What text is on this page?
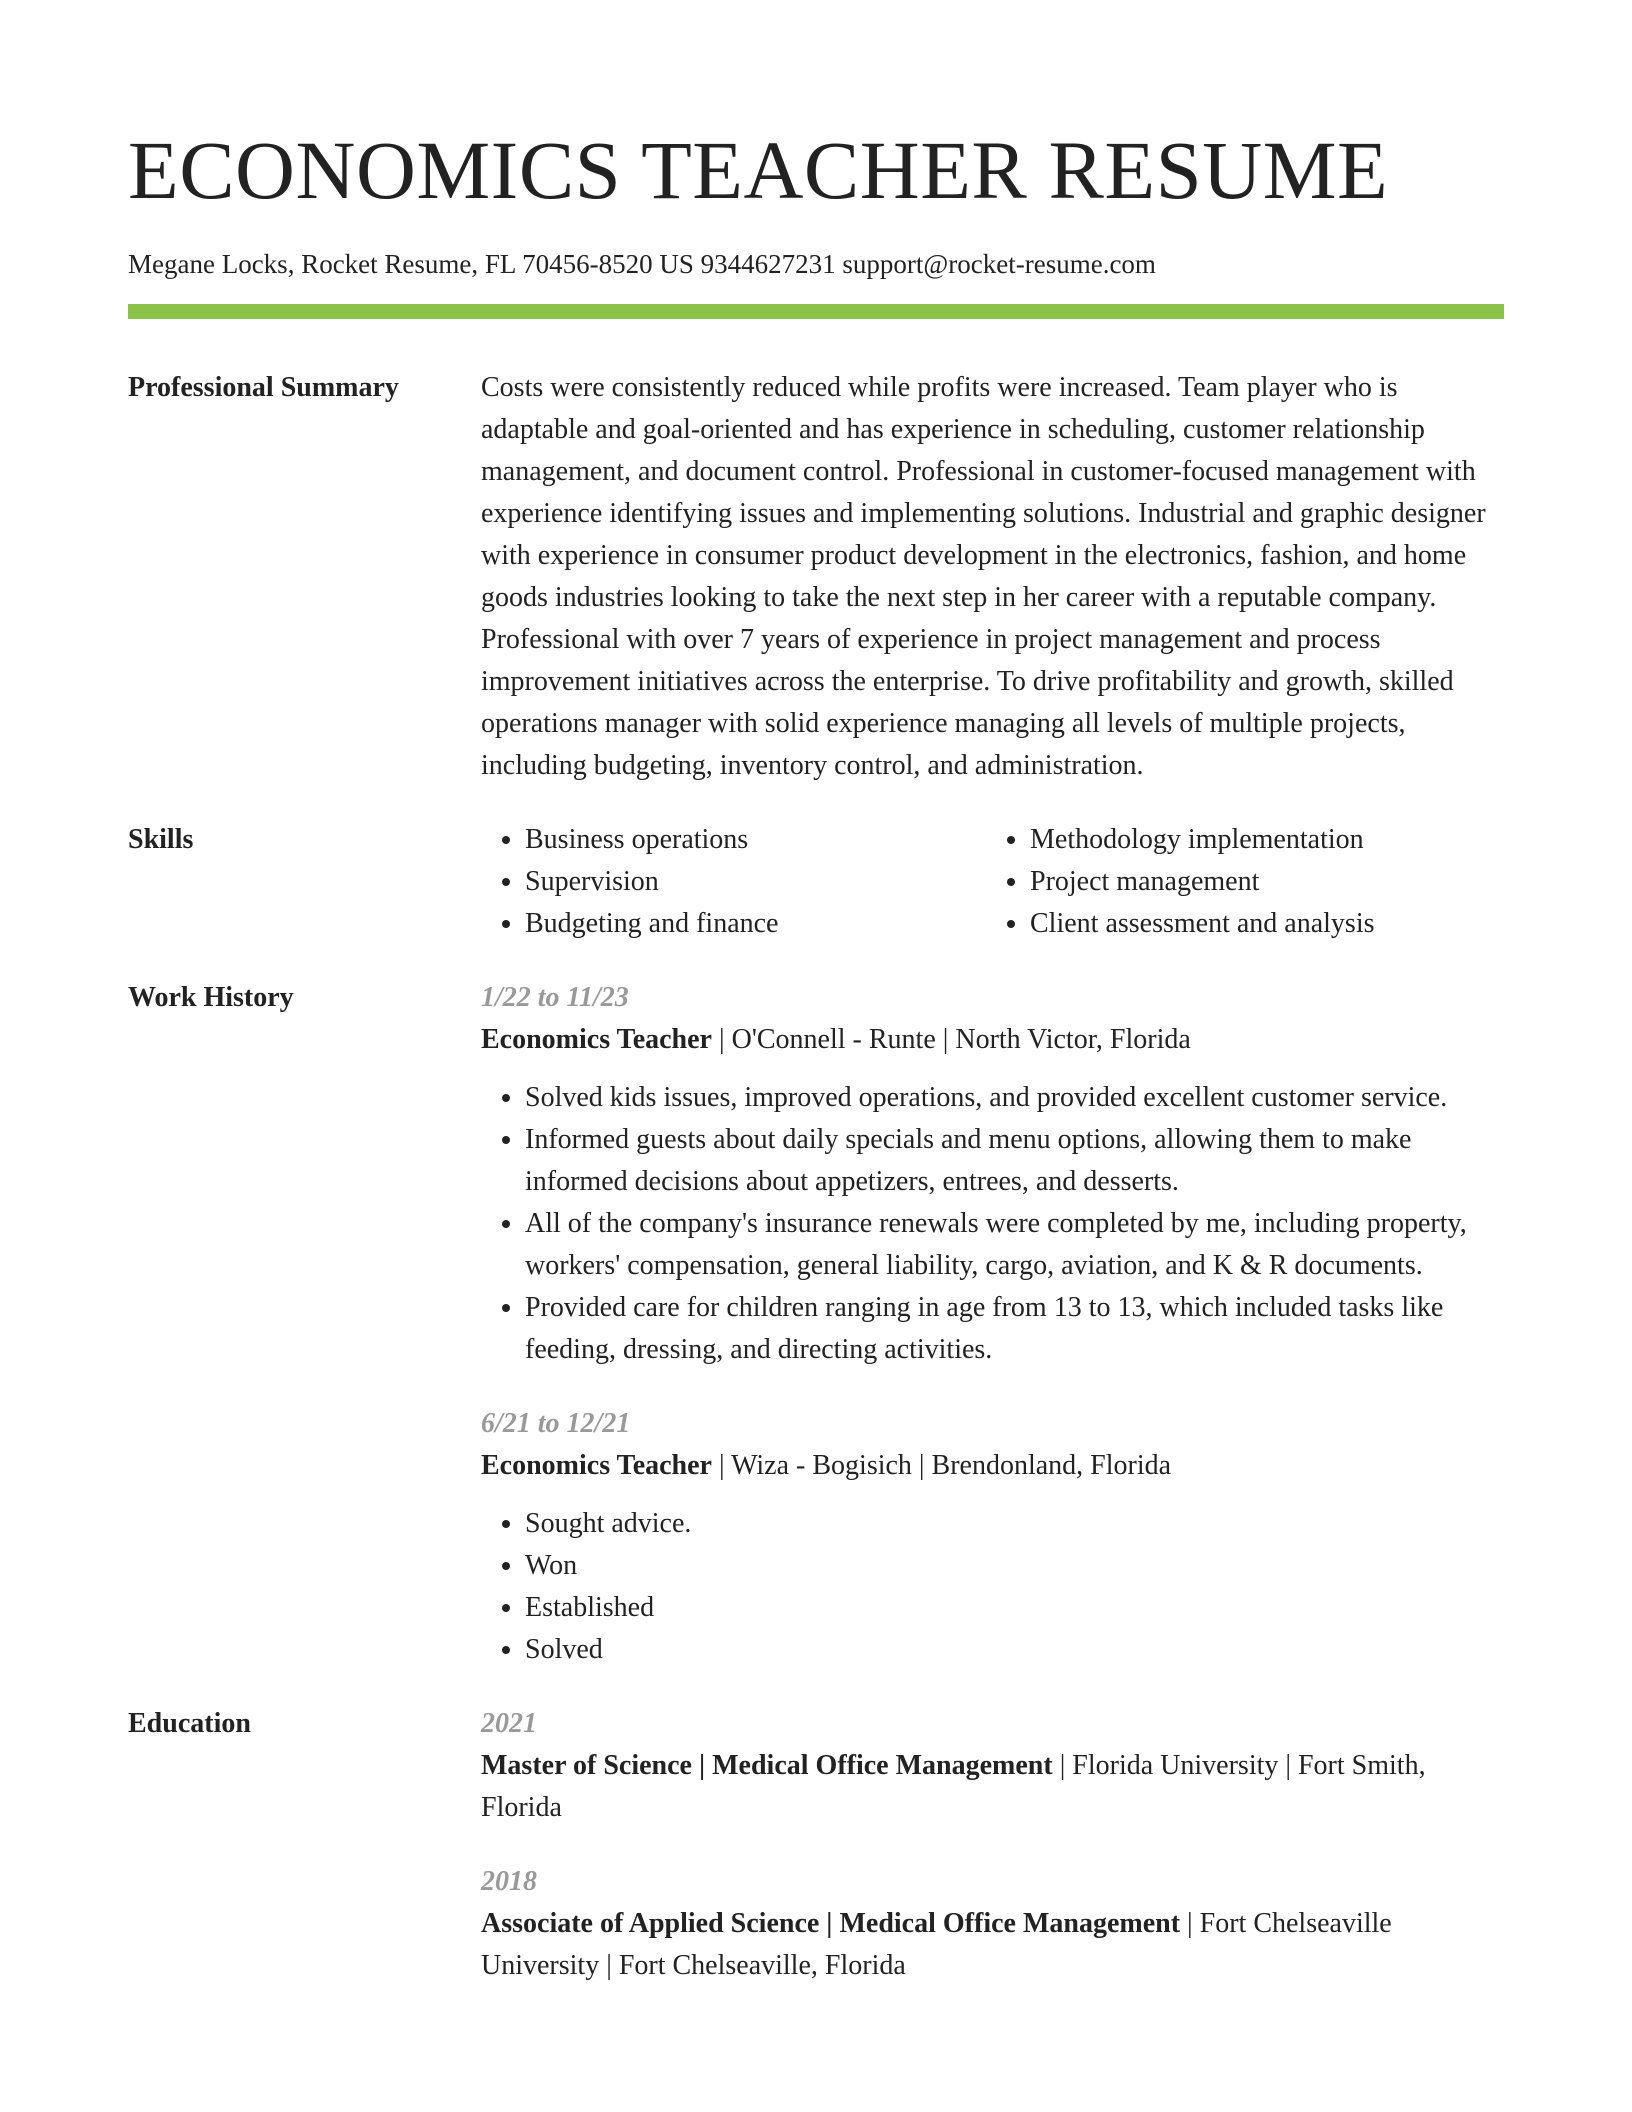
ECONOMICS TEACHER RESUME
Megane Locks, Rocket Resume, FL 70456-8520 US 9344627231 support@rocket-resume.com
Professional Summary	Costs were consistently reduced while profits were increased. Team player who is adaptable and goal-oriented and has experience in scheduling, customer relationship management, and document control. Professional in customer-focused management with experience identifying issues and implementing solutions. Industrial and graphic designer with experience in consumer product development in the electronics, fashion, and home goods industries looking to take the next step in her career with a reputable company. Professional with over 7 years of experience in project management and process improvement initiatives across the enterprise. To drive profitability and growth, skilled operations manager with solid experience managing all levels of multiple projects, including budgeting, inventory control, and administration.
Skills
•	Business operations
• Supervision
• Budgeting and finance
• Methodology implementation
• Project management
• Client assessment and analysis
Work History	1/22 to 11/23
Economics Teacher | O'Connell - Runte | North Victor, Florida
• Solved kids issues, improved operations, and provided excellent customer service.
• Informed guests about daily specials and menu options, allowing them to make informed decisions about appetizers, entrees, and desserts.
• All of the company's insurance renewals were completed by me, including property, workers' compensation, general liability, cargo, aviation, and K & R documents.
• Provided care for children ranging in age from 13 to 13, which included tasks like feeding, dressing, and directing activities.
6/21 to 12/21
Economics Teacher | Wiza - Bogisich | Brendonland, Florida
• Sought advice.
• Won
• Established
• Solved
Education	2021
Master of Science | Medical Office Management | Florida University | Fort Smith, Florida
2018
Associate of Applied Science | Medical Office Management | Fort Chelseaville University | Fort Chelseaville, Florida
